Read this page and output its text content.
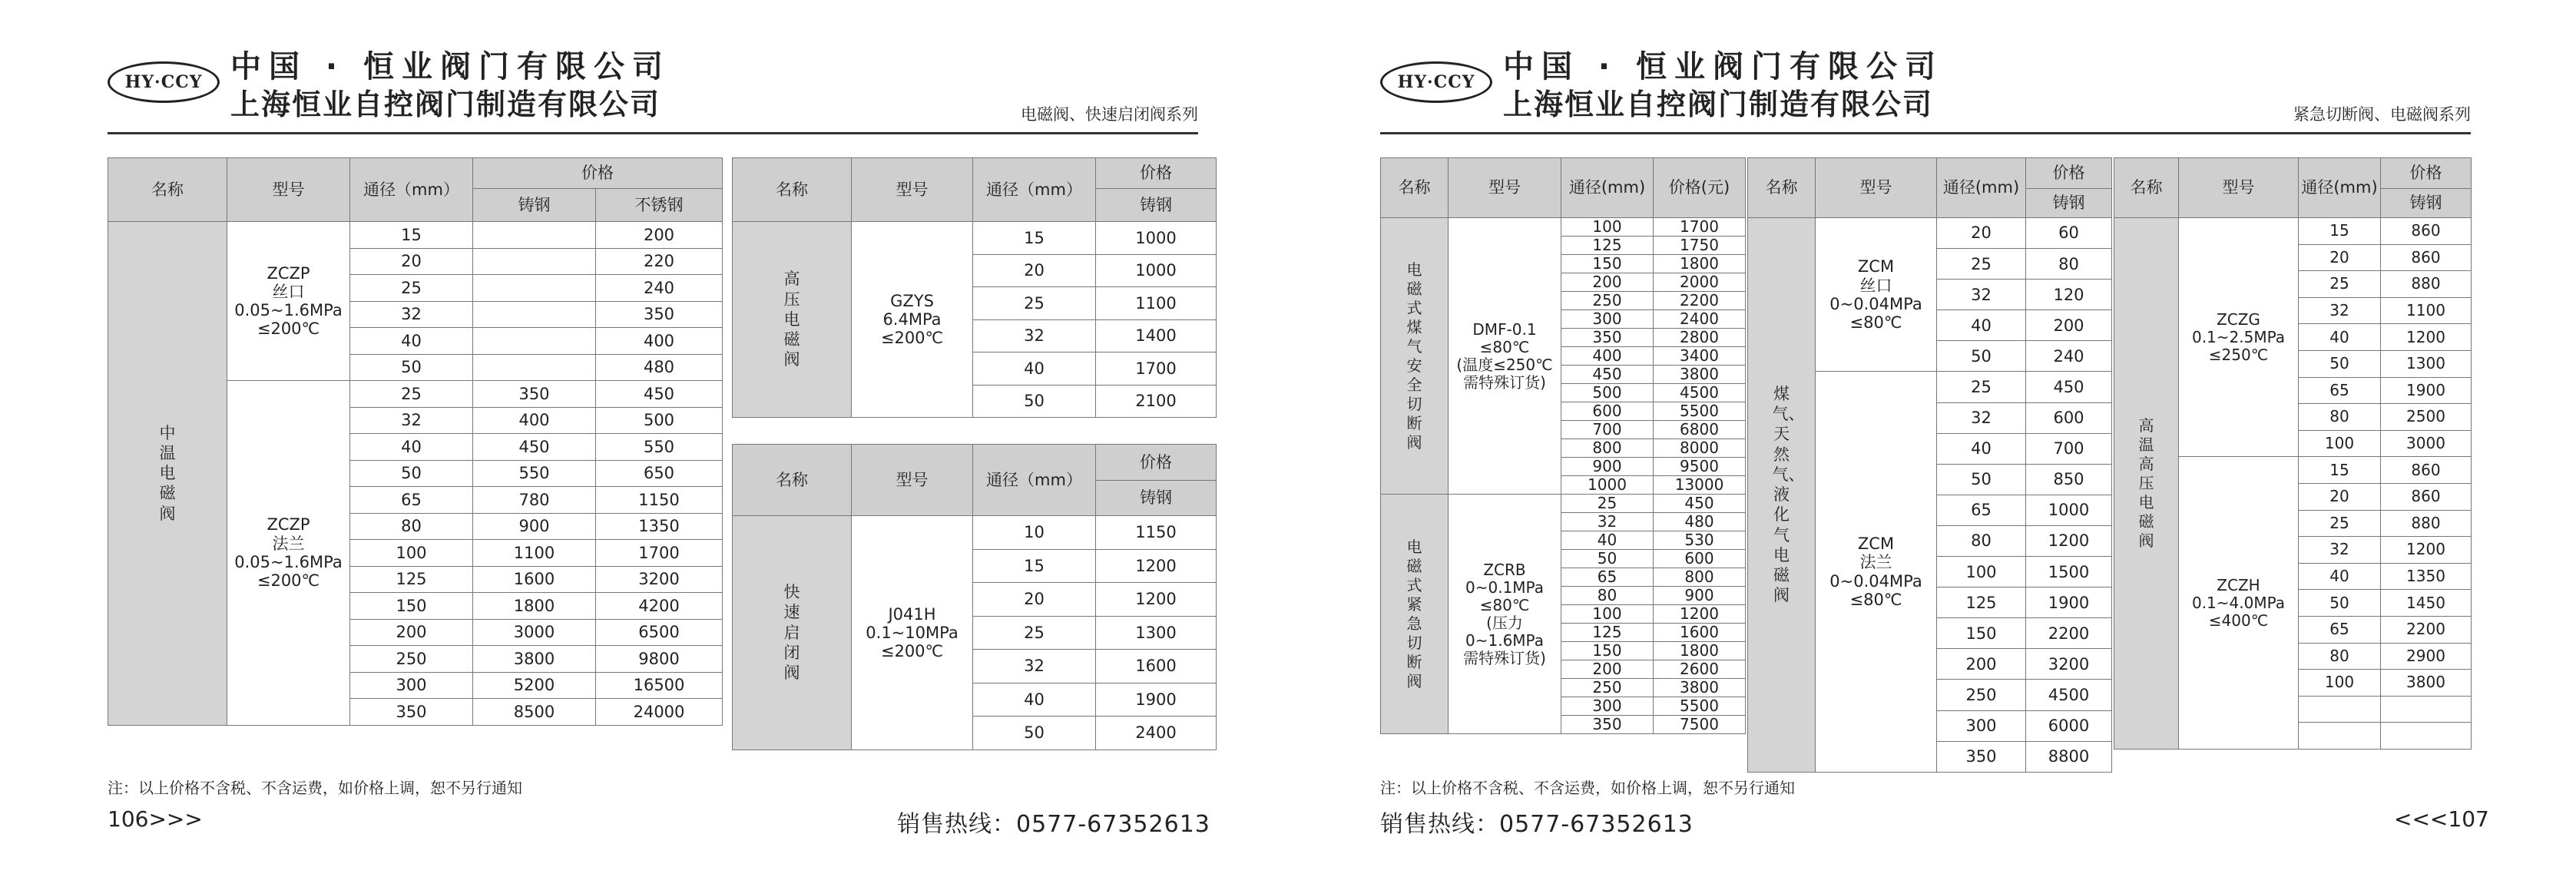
HY·CCY 中国 · 恒业阀门有限公司
上海恒业自控阀门制造有限公司	电磁阀、快速启闭阀系列
名称	型号	通径（mm）	价格	
			铸钢	不锈钢
中温电磁阀	ZCZP
丝口
0.05~1.6MPa
≤200℃	15		200
		20		220
		25		240
		32		350
		40		400
		50		480
	ZCZP
法兰
0.05~1.6MPa
≤200℃	25	350	450
		32	400	500
		40	450	550
		50	550	650
		65	780	1150
		80	900	1350
		100	1100	1700
		125	1600	3200
		150	1800	4200
		200	3000	6500
		250	3800	9800
		300	5200	16500
		350	8500	24000
名称	型号	通径（mm）	价格
			铸钢
高压电磁阀	GZYS
6.4MPa
≤200℃	15	1000
		20	1000
		25	1100
		32	1400
		40	1700
		50	2100
名称	型号	通径（mm）	价格
			铸钢
快速启闭阀	J041H
0.1~10MPa
≤200℃	10	1150
		15	1200
		20	1200
		25	1300
		32	1600
		40	1900
		50	2400
注：以上价格不含税、不含运费，如价格上调，恕不另行通知
106>>>	销售热线：0577-67352613
HY·CCY 中国 · 恒业阀门有限公司
上海恒业自控阀门制造有限公司	紧急切断阀、电磁阀系列
名称	型号	通径(mm)	价格(元)
电磁式煤气安全切断阀	DMF-0.1
≤80℃
(温度≤250℃
需特殊订货)	100	1700
		125	1750
		150	1800
		200	2000
		250	2200
		300	2400
		350	2800
		400	3400
		450	3800
		500	4500
		600	5500
		700	6800
		800	8000
		900	9500
		1000	13000
电磁式紧急切断阀	ZCRB
0~0.1MPa
≤80℃
(压力0~1.6MPa
需特殊订货)	25	450
		32	480
		40	530
		50	600
		65	800
		80	900
		100	1200
		125	1600
		150	1800
		200	2600
		250	3800
		300	5500
		350	7500
名称	型号	通径(mm)	价格
			铸钢
煤气、天然气、液化气电磁阀	ZCM
丝口
0~0.04MPa
≤80℃	20	60
		25	80
		32	120
		40	200
		50	240
	ZCM
法兰
0~0.04MPa
≤80℃	25	450
		32	600
		40	700
		50	850
		65	1000
		80	1200
		100	1500
		125	1900
		150	2200
		200	3200
		250	4500
		300	6000
		350	8800
名称	型号	通径(mm)	价格
			铸钢
高温高压电磁阀	ZCZG
0.1~2.5MPa
≤250℃	15	860
		20	860
		25	880
		32	1100
		40	1200
		50	1300
		65	1900
		80	2500
		100	3000
	ZCZH
0.1~4.0MPa
≤400℃	15	860
		20	860
		25	880
		32	1200
		40	1350
		50	1450
		65	2200
		80	2900
		100	3800

注：以上价格不含税、不含运费，如价格上调，恕不另行通知
销售热线：0577-67352613	<<<107
